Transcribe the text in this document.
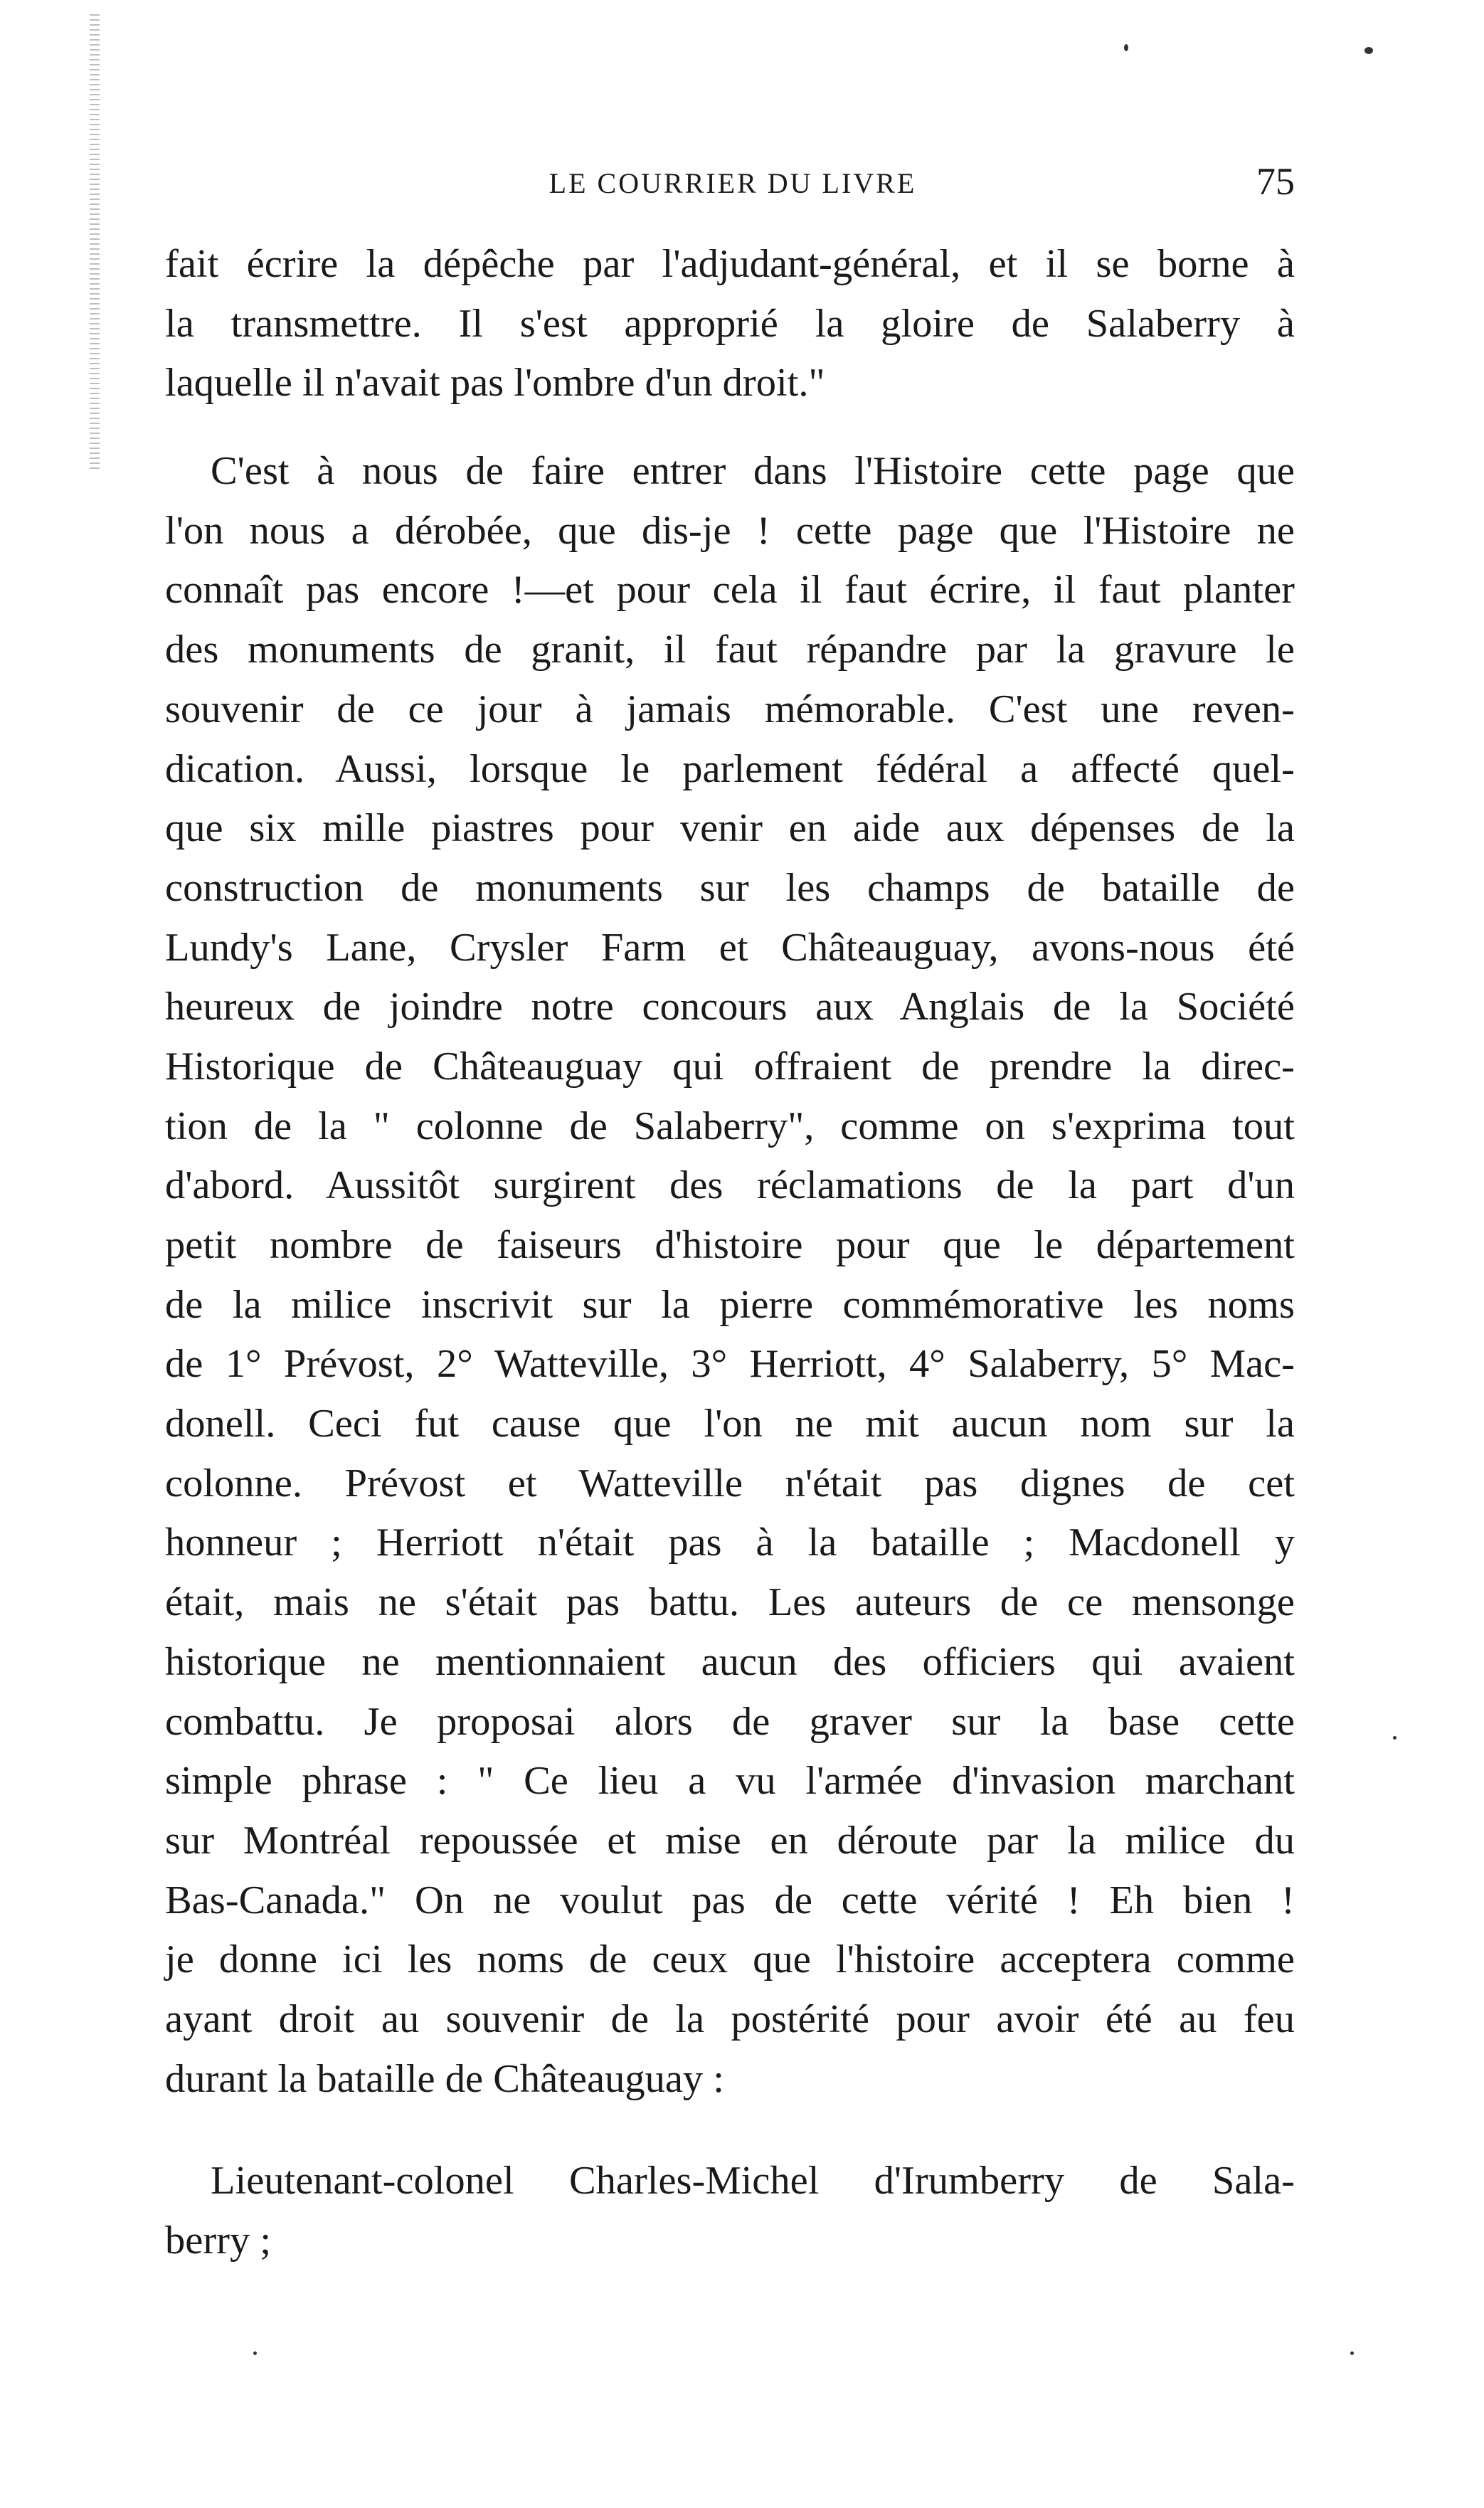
LE COURRIER DU LIVRE	75
fait écrire la dépêche par l'adjudant-général, et il se borne à
la transmettre. Il s'est approprié la gloire de Salaberry à
laquelle il n'avait pas l'ombre d'un droit."
C'est à nous de faire entrer dans l'Histoire cette page que
l'on nous a dérobée, que dis-je ! cette page que l'Histoire ne
connaît pas encore !—et pour cela il faut écrire, il faut planter
des monuments de granit, il faut répandre par la gravure le
souvenir de ce jour à jamais mémorable. C'est une reven-
dication. Aussi, lorsque le parlement fédéral a affecté quel-
que six mille piastres pour venir en aide aux dépenses de la
construction de monuments sur les champs de bataille de
Lundy's Lane, Crysler Farm et Châteauguay, avons-nous été
heureux de joindre notre concours aux Anglais de la Société
Historique de Châteauguay qui offraient de prendre la direc-
tion de la " colonne de Salaberry", comme on s'exprima tout
d'abord. Aussitôt surgirent des réclamations de la part d'un
petit nombre de faiseurs d'histoire pour que le département
de la milice inscrivit sur la pierre commémorative les noms
de 1° Prévost, 2° Watteville, 3° Herriott, 4° Salaberry, 5° Mac-
donell. Ceci fut cause que l'on ne mit aucun nom sur la
colonne. Prévost et Watteville n'était pas dignes de cet
honneur ; Herriott n'était pas à la bataille ; Macdonell y
était, mais ne s'était pas battu. Les auteurs de ce mensonge
historique ne mentionnaient aucun des officiers qui avaient
combattu. Je proposai alors de graver sur la base cette
simple phrase : " Ce lieu a vu l'armée d'invasion marchant
sur Montréal repoussée et mise en déroute par la milice du
Bas-Canada." On ne voulut pas de cette vérité ! Eh bien !
je donne ici les noms de ceux que l'histoire acceptera comme
ayant droit au souvenir de la postérité pour avoir été au feu
durant la bataille de Châteauguay :
Lieutenant-colonel Charles-Michel d'Irumberry de Sala-
berry ;
